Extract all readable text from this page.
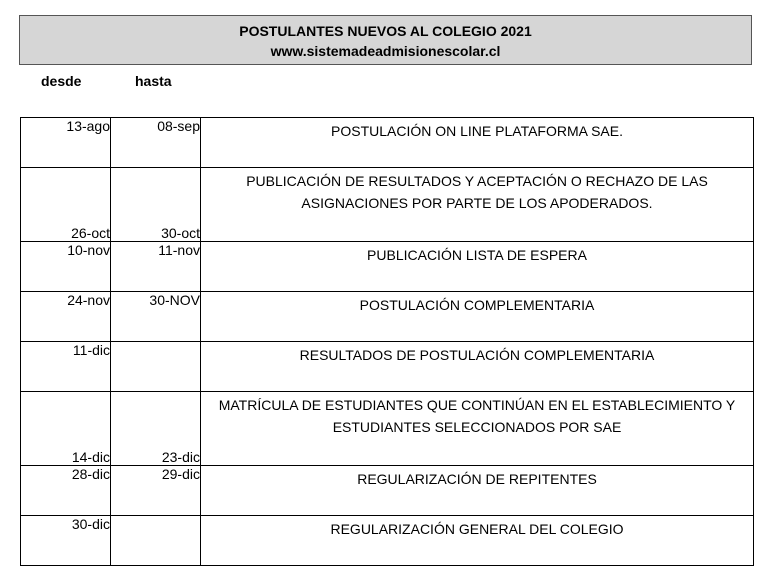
POSTULANTES NUEVOS AL COLEGIO 2021
www.sistemadeadmisionescolar.cl
desde	hasta
13-ago	08-sep	POSTULACIÓN ON LINE PLATAFORMA SAE.

26-oct	30-oct	PUBLICACIÓN DE RESULTADOS Y ACEPTACIÓN O RECHAZO DE LAS
ASIGNACIONES POR PARTE DE LOS APODERADOS.

10-nov	11-nov	PUBLICACIÓN LISTA DE ESPERA

24-nov	30-NOV	POSTULACIÓN COMPLEMENTARIA

11-dic		RESULTADOS DE POSTULACIÓN COMPLEMENTARIA

14-dic	23-dic	MATRÍCULA DE ESTUDIANTES QUE CONTINÚAN EN EL ESTABLECIMIENTO Y
ESTUDIANTES SELECCIONADOS POR SAE

28-dic	29-dic	REGULARIZACIÓN DE REPITENTES

30-dic		REGULARIZACIÓN GENERAL DEL COLEGIO
